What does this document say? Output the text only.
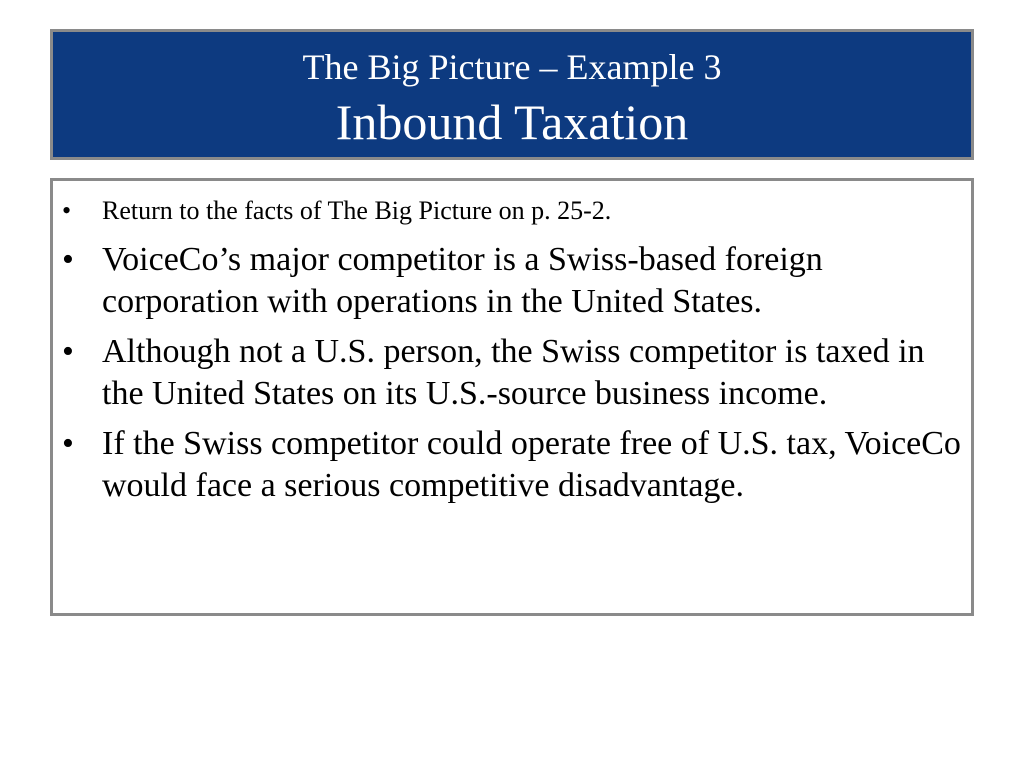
The Big Picture – Example 3
Inbound Taxation
• Return to the facts of The Big Picture on p. 25-2.
• VoiceCo’s major competitor is a Swiss-based foreign corporation with operations in the United States.
• Although not a U.S. person, the Swiss competitor is taxed in the United States on its U.S.-source business income.
• If the Swiss competitor could operate free of U.S. tax, VoiceCo would face a serious competitive disadvantage.
